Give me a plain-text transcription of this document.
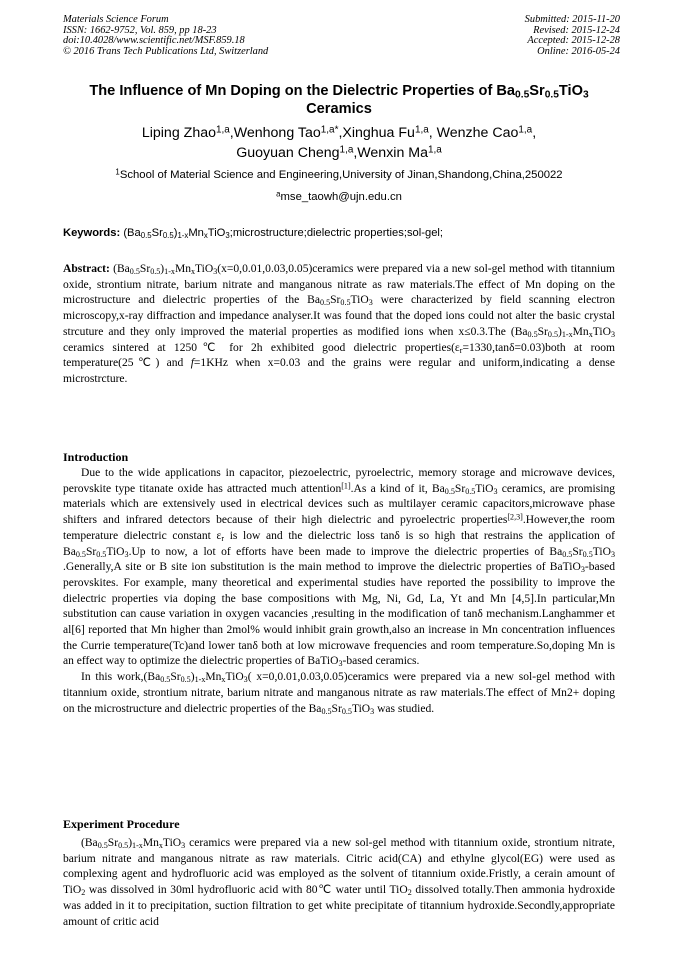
Materials Science Forum
ISSN: 1662-9752, Vol. 859, pp 18-23
doi:10.4028/www.scientific.net/MSF.859.18
© 2016 Trans Tech Publications Ltd, Switzerland
Submitted: 2015-11-20
Revised: 2015-12-24
Accepted: 2015-12-28
Online: 2016-05-24
The Influence of Mn Doping on the Dielectric Properties of $Ba_{0.5}Sr_{0.5}TiO_3$
Ceramics
Liping Zhao$^{1,a}$,Wenhong Tao$^{1,a*}$,Xinghua Fu$^{1,a}$, Wenzhe Cao$^{1,a}$,
Guoyuan Cheng$^{1,a}$,Wenxin Ma$^{1,a}$
$^1$School of Material Science and Engineering,University of Jinan,Shandong,China,250022
$^a$mse_taowh@ujn.edu.cn
Keywords: $(Ba_{0.5}Sr_{0.5})_{1-x}Mn_xTiO_3;microstructure;dielectric$ properties;sol-gel;

Abstract: $(Ba_{0.5}Sr_{0.5})_{1-x}Mn_xTiO_3(x=0,0.01,0.03,0.05)ceramics$ were prepared via a new sol-gel method with titannium oxide, strontium nitrate, barium nitrate and manganous nitrate as raw materials.The effect of Mn doping on the microstructure and dielectric properties of the $Ba_{0.5}Sr_{0.5}TiO_3$ were characterized by field scanning electron microscopy,x-ray diffraction and impedance analyser.It was found that the doped ions could not alter the basic crystal strcuture and they only improved the material properties as modified ions when x≤0.3.The $(Ba_{0.5}Sr_{0.5})_{1-x}Mn_xTiO_3$ ceramics sintered at 1250℃ for 2h exhibited good dielectric $properties(\varepsilon_r=1330,\tan\delta=0.03)both$ at room temperature(25℃) and f=1KHz when x=0.03 and the grains were regular and uniform,indicating a dense microstrcture.

Introduction

Due to the wide applications in capacitor, piezoelectric, pyroelectric, memory storage and microwave devices, perovskite type titanate oxide has attracted much attention[1].As a kind of it, $Ba_{0.5}Sr_{0.5}TiO_3$ ceramics, are promising materials which are extensively used in electrical devices such as multilayer ceramic capacitors,microwave phase shifters and infrared detectors because of their high dielectric and pyroelectric properties[2,3].However,the room temperature dielectric constant $\varepsilon_r$ is low and the dielectric loss tanδ is so high that restrains the application of $Ba_{0.5}Sr_{0.5}TiO_3.Up$ to now, a lot of efforts have been made to improve the dielectric properties of $Ba_{0.5}Sr_{0.5}TiO_3$ .Generally,A site or B site ion substitution is the main method to improve the dielectric properties of BaTiO$_3$-based perovskites. For example, many theoretical and experimental studies have reported the possibility to improve the dielectric properties via doping the base compositions with Mg, Ni, Gd, La, Yt and Mn [4,5].In particular,Mn substitution can cause variation in oxygen vacancies ,resulting in the modification of tanδ mechanism.Langhammer et al[6] reported that Mn higher than 2mol% would inhibit grain growth,also an increase in Mn concentration influences the Currie temperature(Tc)and lower tanδ both at low microwave frequencies and room temperature.So,doping Mn is an effect way to optimize the dielectric properties of BaTiO$_3$-based ceramics.

In this $work,(Ba_{0.5}Sr_{0.5})_{1-x}Mn_xTiO_3$( x=0,0.01,0.03,0.05)ceramics were prepared via a new sol-gel method with titannium oxide, strontium nitrate, barium nitrate and manganous nitrate as raw materials.The effect of Mn2+ doping on the microstructure and dielectric properties of the $Ba_{0.5}Sr_{0.5}TiO_3$ was studied.

Experiment Procedure

$(Ba_{0.5}Sr_{0.5})_{1-x}Mn_xTiO_3$ ceramics were prepared via a new sol-gel method with titannium oxide, strontium nitrate, barium nitrate and manganous nitrate as raw materials. Citric acid(CA) and ethylne glycol(EG) were used as complexing agent and hydrofluoric acid was employed as the solvent of titannium oxide.Fristly, a cerain amount of TiO$_2$ was dissolved in 30ml hydrofluoric acid with 80℃ water until TiO$_2$ dissolved totally.Then ammonia hydroxide was added in it to precipitation, suction filtration to get white precipitate of titannium hydroxide.Secondly,appropriate amount of critic acid
